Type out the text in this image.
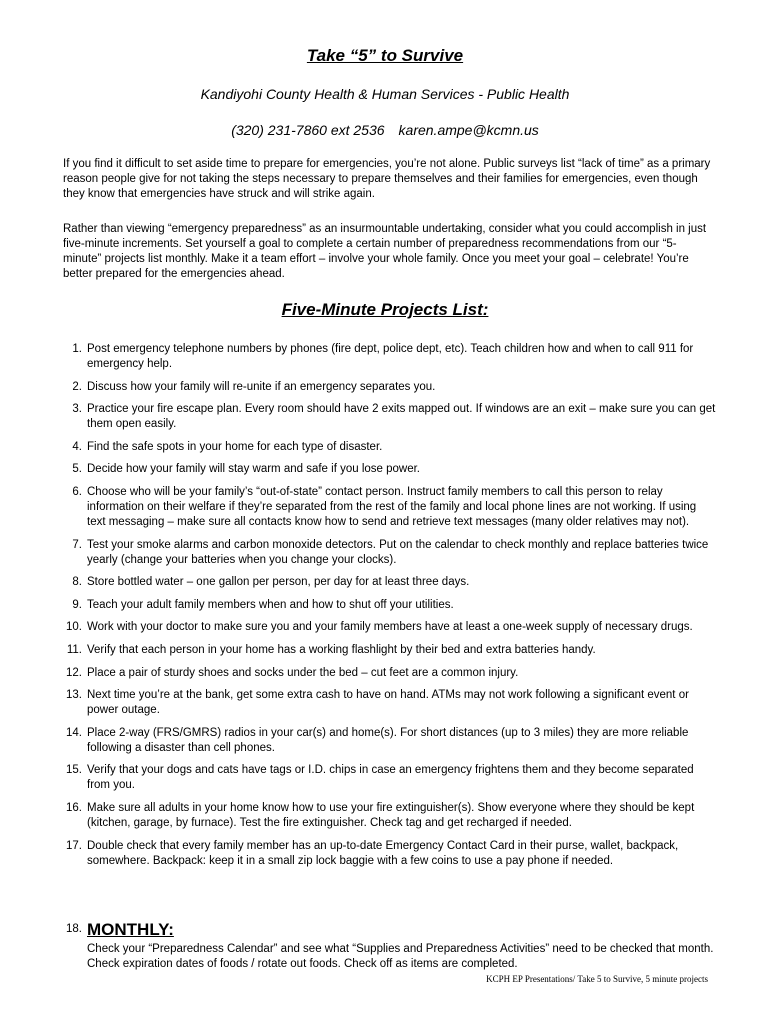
Take “5” to Survive
Kandiyohi County Health & Human Services - Public Health
(320) 231-7860 ext 2536 karen.ampe@kcmn.us
If you find it difficult to set aside time to prepare for emergencies, you’re not alone. Public surveys list “lack of time” as a primary reason people give for not taking the steps necessary to prepare themselves and their families for emergencies, even though they know that emergencies have struck and will strike again.
Rather than viewing “emergency preparedness” as an insurmountable undertaking, consider what you could accomplish in just five-minute increments. Set yourself a goal to complete a certain number of preparedness recommendations from our “5-minute” projects list monthly. Make it a team effort – involve your whole family. Once you meet your goal – celebrate! You’re better prepared for the emergencies ahead.
Five-Minute Projects List:
1. Post emergency telephone numbers by phones (fire dept, police dept, etc). Teach children how and when to call 911 for emergency help.
2. Discuss how your family will re-unite if an emergency separates you.
3. Practice your fire escape plan. Every room should have 2 exits mapped out. If windows are an exit – make sure you can get them open easily.
4. Find the safe spots in your home for each type of disaster.
5. Decide how your family will stay warm and safe if you lose power.
6. Choose who will be your family’s “out-of-state” contact person. Instruct family members to call this person to relay information on their welfare if they’re separated from the rest of the family and local phone lines are not working. If using text messaging – make sure all contacts know how to send and retrieve text messages (many older relatives may not).
7. Test your smoke alarms and carbon monoxide detectors. Put on the calendar to check monthly and replace batteries twice yearly (change your batteries when you change your clocks).
8. Store bottled water – one gallon per person, per day for at least three days.
9. Teach your adult family members when and how to shut off your utilities.
10. Work with your doctor to make sure you and your family members have at least a one-week supply of necessary drugs.
11. Verify that each person in your home has a working flashlight by their bed and extra batteries handy.
12. Place a pair of sturdy shoes and socks under the bed – cut feet are a common injury.
13. Next time you’re at the bank, get some extra cash to have on hand. ATMs may not work following a significant event or power outage.
14. Place 2-way (FRS/GMRS) radios in your car(s) and home(s). For short distances (up to 3 miles) they are more reliable following a disaster than cell phones.
15. Verify that your dogs and cats have tags or I.D. chips in case an emergency frightens them and they become separated from you.
16. Make sure all adults in your home know how to use your fire extinguisher(s). Show everyone where they should be kept (kitchen, garage, by furnace). Test the fire extinguisher. Check tag and get recharged if needed.
17. Double check that every family member has an up-to-date Emergency Contact Card in their purse, wallet, backpack, somewhere. Backpack: keep it in a small zip lock baggie with a few coins to use a pay phone if needed.
18. MONTHLY:
Check your “Preparedness Calendar” and see what “Supplies and Preparedness Activities” need to be checked that month. Check expiration dates of foods / rotate out foods. Check off as items are completed.
KCPH EP Presentations/ Take 5 to Survive, 5 minute projects
